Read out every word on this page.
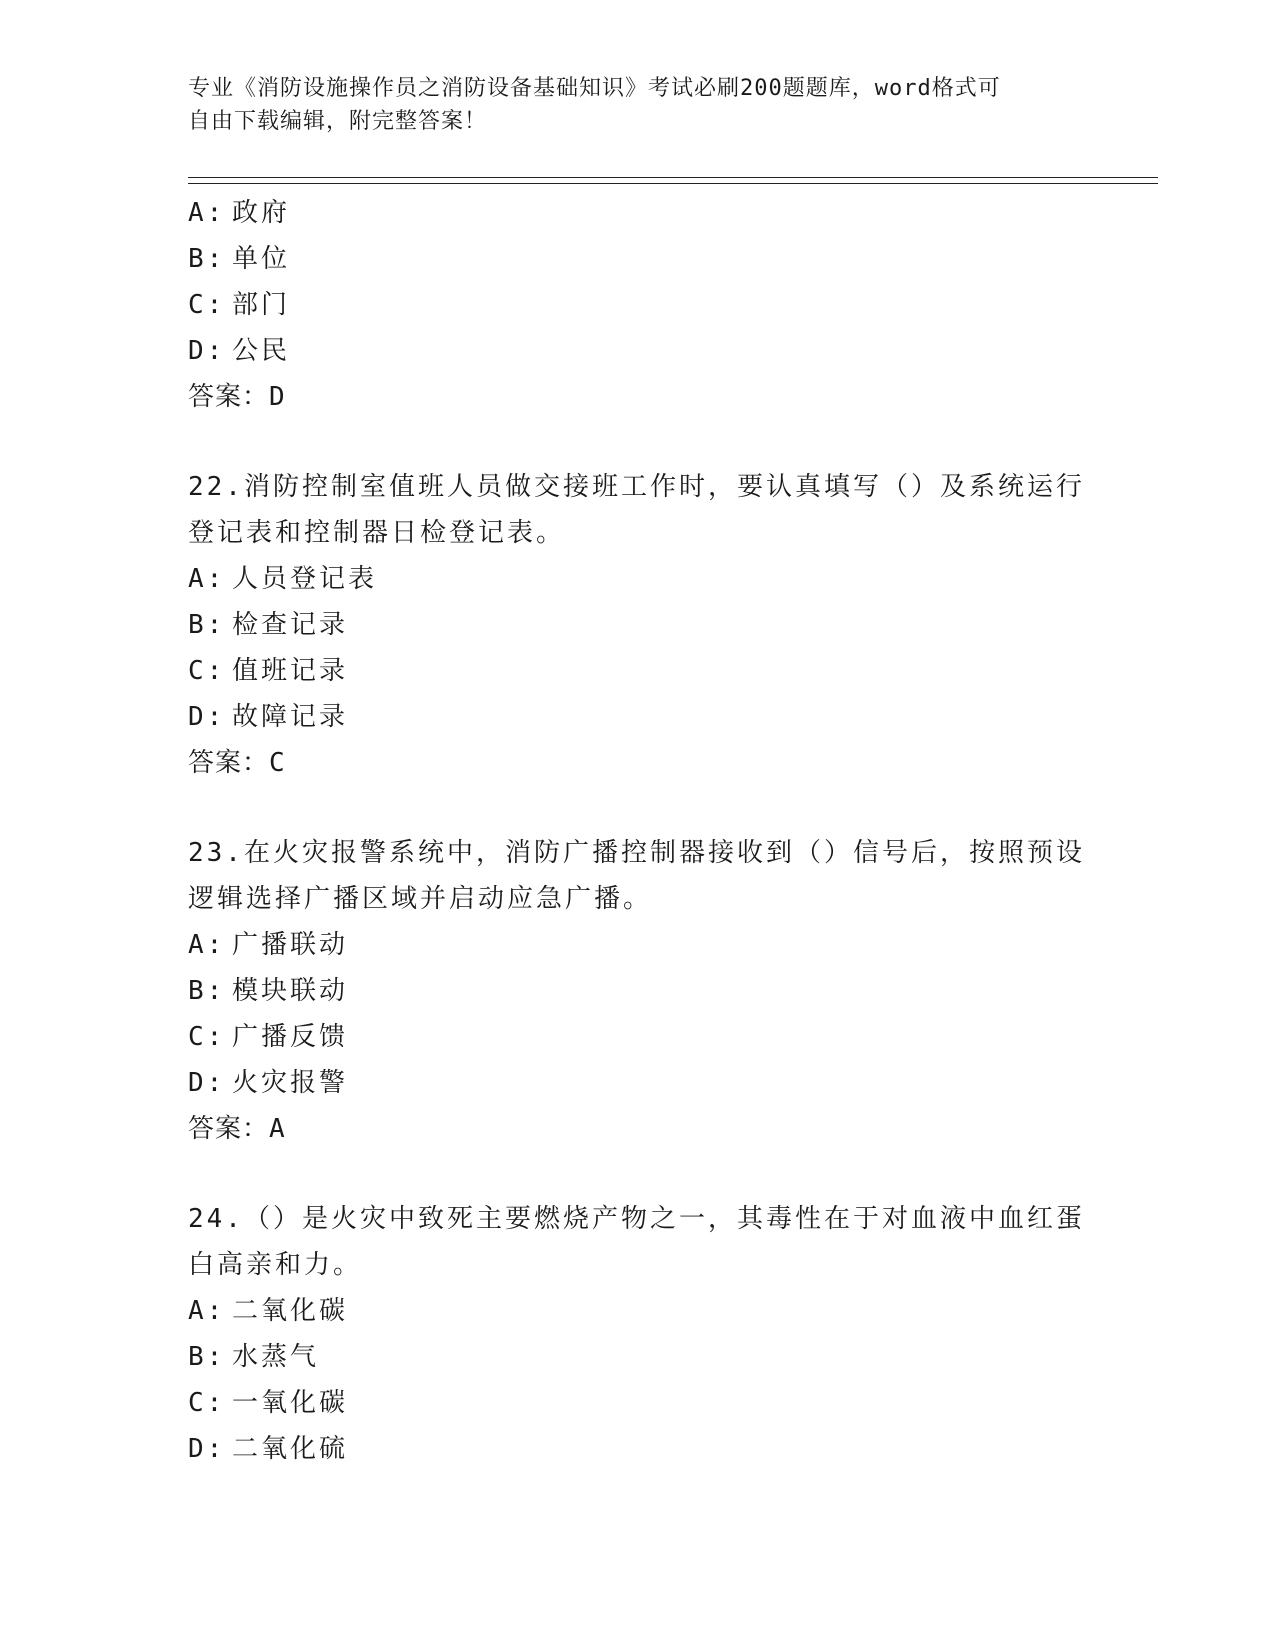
专业《消防设施操作员之消防设备基础知识》考试必刷200题题库，word格式可
自由下载编辑，附完整答案！
A: 政府
B: 单位
C: 部门
D: 公民
答案：D
22.消防控制室值班人员做交接班工作时，要认真填写（）及系统运行
登记表和控制器日检登记表。
A: 人员登记表
B: 检查记录
C: 值班记录
D: 故障记录
答案：C
23.在火灾报警系统中，消防广播控制器接收到（）信号后，按照预设
逻辑选择广播区域并启动应急广播。
A: 广播联动
B: 模块联动
C: 广播反馈
D: 火灾报警
答案：A
24.（）是火灾中致死主要燃烧产物之一，其毒性在于对血液中血红蛋
白高亲和力。
A: 二氧化碳
B: 水蒸气
C: 一氧化碳
D: 二氧化硫
